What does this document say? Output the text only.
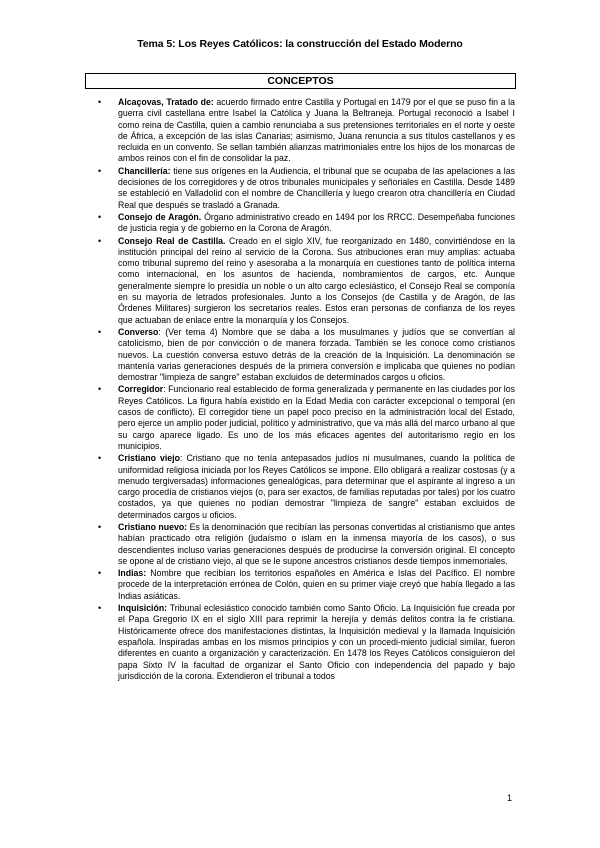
Tema 5: Los Reyes Católicos: la construcción del Estado Moderno
CONCEPTOS
• Alcaçovas, Tratado de: acuerdo firmado entre Castilla y Portugal en 1479 por el que se puso fin a la guerra civil castellana entre Isabel la Católica y Juana la Beltraneja. Portugal reconoció a Isabel I como reina de Castilla, quien a cambio renunciaba a sus pretensiones territoriales en el norte y oeste de África, a excepción de las islas Canarias; asimismo, Juana renuncia a sus títulos castellanos y es recluida en un convento. Se sellan también alianzas matrimoniales entre los hijos de los monarcas de ambos reinos con el fin de consolidar la paz.
• Chancillería: tiene sus orígenes en la Audiencia, el tribunal que se ocupaba de las apelaciones a las decisiones de los corregidores y de otros tribunales municipales y señoriales en Castilla. Desde 1489 se estableció en Valladolid con el nombre de Chancillería y luego crearon otra chancillería en Ciudad Real que después se trasladó a Granada.
• Consejo de Aragón. Órgano administrativo creado en 1494 por los RRCC. Desempeñaba funciones de justicia regia y de gobierno en la Corona de Aragón.
• Consejo Real de Castilla. Creado en el siglo XIV, fue reorganizado en 1480, convirtiéndose en la institución principal del reino al servicio de la Corona. Sus atribuciones eran muy amplias: actuaba como tribunal supremo del reino y asesoraba a la monarquía en cuestiones tanto de política interna como internacional, en los asuntos de hacienda, nombramientos de cargos, etc. Aunque generalmente siempre lo presidía un noble o un alto cargo eclesiástico, el Consejo Real se componía en su mayoría de letrados profesionales. Junto a los Consejos (de Castilla y de Aragón, de las Órdenes Militares) surgieron los secretarios reales. Estos eran personas de confianza de los reyes que actuaban de enlace entre la monarquía y los Consejos.
• Converso: (Ver tema 4) Nombre que se daba a los musulmanes y judíos que se convertían al catolicismo, bien de por convicción o de manera forzada. También se les conoce como cristianos nuevos. La cuestión conversa estuvo detrás de la creación de la Inquisición. La denominación se mantenía varias generaciones después de la primera conversión e implicaba que quienes no podían demostrar "limpieza de sangre" estaban excluidos de determinados cargos u oficios.
• Corregidor: Funcionario real establecido de forma generalizada y permanente en las ciudades por los Reyes Católicos. La figura había existido en la Edad Media con carácter excepcional o temporal (en casos de conflicto). El corregidor tiene un papel poco preciso en la administración local del Estado, pero ejerce un amplio poder judicial, político y administrativo, que va más allá del marco urbano al que su cargo aparece ligado. Es uno de los más eficaces agentes del autoritarismo regio en los municipios.
• Cristiano viejo: Cristiano que no tenía antepasados judíos ni musulmanes, cuando la política de uniformidad religiosa iniciada por los Reyes Católicos se impone. Ello obligará a realizar costosas (y a menudo tergiversadas) informaciones genealógicas, para determinar que el aspirante al ingreso a un cargo procedía de cristianos viejos (o, para ser exactos, de familias reputadas por tales) por los cuatro costados, ya que quienes no podían demostrar "limpieza de sangre" estaban excluidos de determinados cargos u oficios.
• Cristiano nuevo: Es la denominación que recibían las personas convertidas al cristianismo que antes habían practicado otra religión (judaísmo o islam en la inmensa mayoría de los casos), o sus descendientes incluso varias generaciones después de producirse la conversión original. El concepto se opone al de cristiano viejo, al que se le supone ancestros cristianos desde tiempos inmemoriales.
• Indias: Nombre que recibían los territorios españoles en América e Islas del Pacífico. El nombre procede de la interpretación errónea de Colón, quien en su primer viaje creyó que había llegado a las Indias asiáticas.
• Inquisición: Tribunal eclesiástico conocido también como Santo Oficio. La Inquisición fue creada por el Papa Gregorio IX en el siglo XIII para reprimir la herejía y demás delitos contra la fe cristiana. Históricamente ofrece dos manifestaciones distintas, la Inquisición medieval y la llamada Inquisición española. Inspiradas ambas en los mismos principios y con un procedi-miento judicial similar, fueron diferentes en cuanto a organización y caracterización. En 1478 los Reyes Católicos consiguieron del papa Sixto IV la facultad de organizar el Santo Oficio con independencia del papado y bajo jurisdicción de la corona. Extendieron el tribunal a todos
1
